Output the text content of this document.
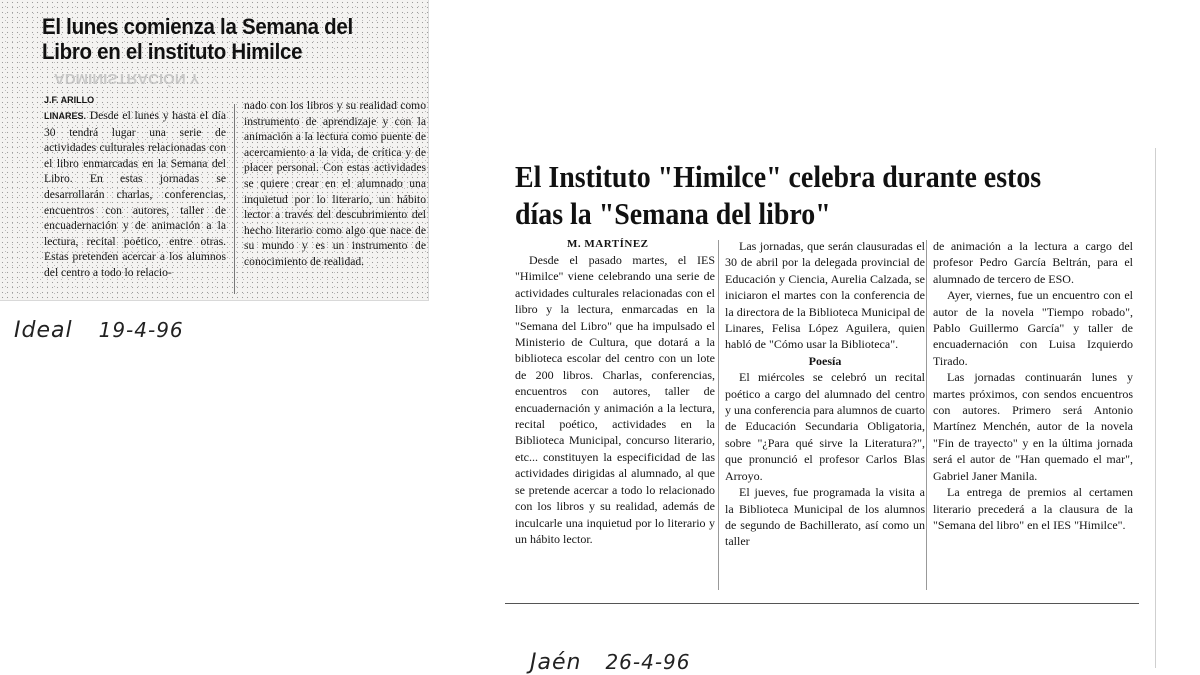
El lunes comienza la Semana del Libro en el instituto Himilce
ADMINISTRACIÓN Y
J.F. ARILLO
LINARES. Desde el lunes y hasta el día 30 tendrá lugar una serie de actividades culturales relacionadas con el libro enmarcadas en la Semana del Libro. En estas jornadas se desarrollarán charlas, conferencias, encuentros con autores, taller de encuadernación y de animación a la lectura, recital poético, entre otras. Estas pretenden acercar a los alumnos del centro a todo lo relacio-
nado con los libros y su realidad como instrumento de aprendizaje y con la animación a la lectura como puente de acercamiento a la vida, de crítica y de placer personal. Con estas actividades se quiere crear en el alumnado una inquietud por lo literario, un hábito lector a través del descubrimiento del hecho literario como algo que nace de su mundo y es un instrumento de conocimiento de realidad.
Ideal 19-4-96
El Instituto "Himilce" celebra durante estos días la "Semana del libro"
M. MARTÍNEZ

Desde el pasado martes, el IES "Himilce" viene celebrando una serie de actividades culturales relacionadas con el libro y la lectura, enmarcadas en la "Semana del Libro" que ha impulsado el Ministerio de Cultura, que dotará a la biblioteca escolar del centro con un lote de 200 libros. Charlas, conferencias, encuentros con autores, taller de encuadernación y animación a la lectura, recital poético, actividades en la Biblioteca Municipal, concurso literario, etc... constituyen la especificidad de las actividades dirigidas al alumnado, al que se pretende acercar a todo lo relacionado con los libros y su realidad, además de inculcarle una inquietud por lo literario y un hábito lector.

Las jornadas, que serán clausuradas el 30 de abril por la delegada provincial de Educación y Ciencia, Aurelia Calzada, se iniciaron el martes con la conferencia de la directora de la Biblioteca Municipal de Linares, Felisa López Aguilera, quien habló de "Cómo usar la Biblioteca".

Poesía

El miércoles se celebró un recital poético a cargo del alumnado del centro y una conferencia para alumnos de cuarto de Educación Secundaria Obligatoria, sobre "¿Para qué sirve la Literatura?", que pronunció el profesor Carlos Blas Arroyo.

El jueves, fue programada la visita a la Biblioteca Municipal de los alumnos de segundo de Bachillerato, así como un taller

de animación a la lectura a cargo del profesor Pedro García Beltrán, para el alumnado de tercero de ESO.

Ayer, viernes, fue un encuentro con el autor de la novela "Tiempo robado", Pablo Guillermo García" y taller de encuadernación con Luisa Izquierdo Tirado.

Las jornadas continuarán lunes y martes próximos, con sendos encuentros con autores. Primero será Antonio Martínez Menchén, autor de la novela "Fin de trayecto" y en la última jornada será el autor de "Han quemado el mar", Gabriel Janer Manila.

La entrega de premios al certamen literario precederá a la clausura de la "Semana del libro" en el IES "Himilce".

Jaén 26-4-96
